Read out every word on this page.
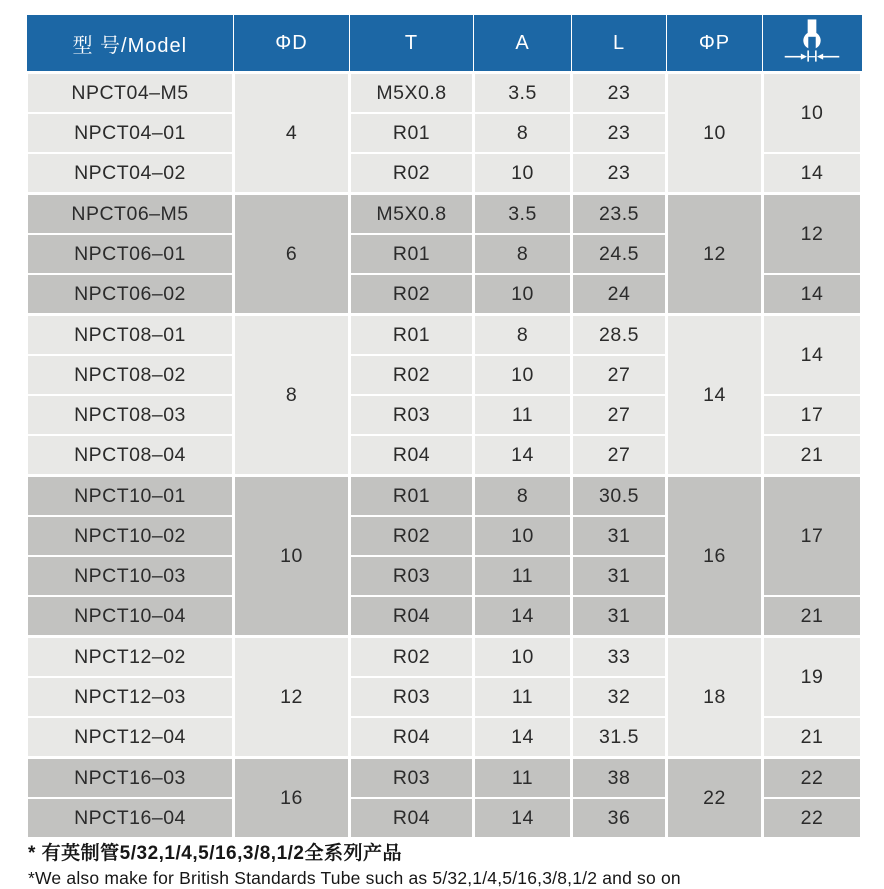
型 号/Model	ΦD	T	A	L	ΦP	

NPCT04–M5	4	M5X0.8	3.5	23	10	10
NPCT04–01		R01	8	23		
NPCT04–02		R02	10	23		14
NPCT06–M5	6	M5X0.8	3.5	23.5	12	12
NPCT06–01		R01	8	24.5		
NPCT06–02		R02	10	24		14
NPCT08–01	8	R01	8	28.5	14	14
NPCT08–02		R02	10	27		
NPCT08–03		R03	11	27		17
NPCT08–04		R04	14	27		21
NPCT10–01	10	R01	8	30.5	16	17
NPCT10–02		R02	10	31		
NPCT10–03		R03	11	31		
NPCT10–04		R04	14	31		21
NPCT12–02	12	R02	10	33	18	19
NPCT12–03		R03	11	32		
NPCT12–04		R04	14	31.5		21
NPCT16–03	16	R03	11	38	22	22
NPCT16–04		R04	14	36		22

* 有英制管5/32,1/4,5/16,3/8,1/2全系列产品

*We also make for British Standards Tube such as 5/32,1/4,5/16,3/8,1/2 and so on
